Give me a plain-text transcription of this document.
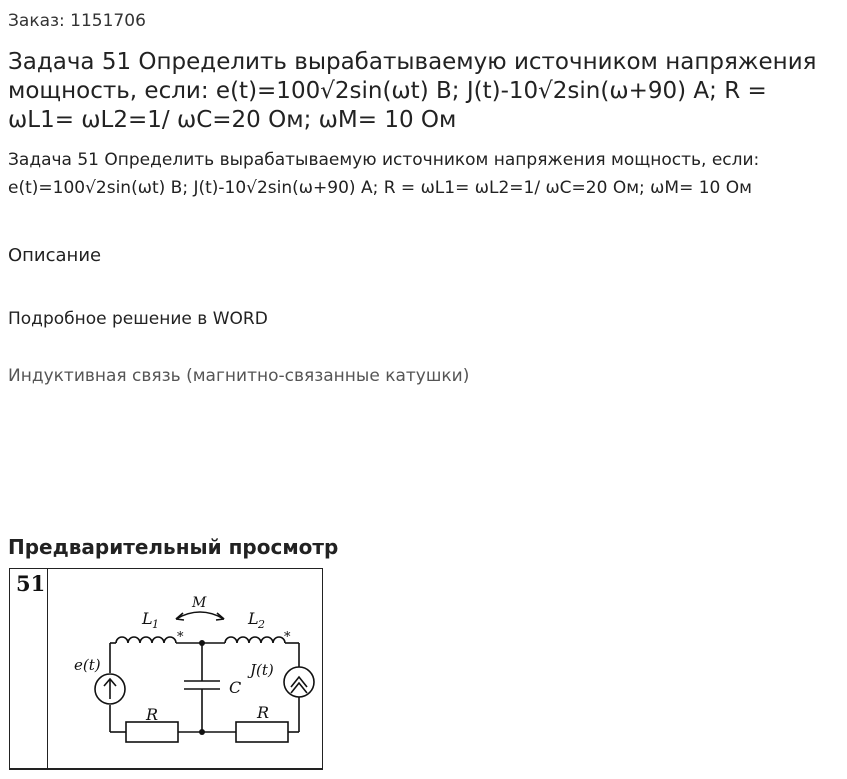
Заказ: 1151706
Задача 51 Определить вырабатываемую источником напряжения мощность, если: e(t)=100√2sin(ωt) В; J(t)-10√2sin(ω+90) А; R = ωL1= ωL2=1/ ωC=20 Ом; ωM= 10 Ом
Задача 51 Определить вырабатываемую источником напряжения мощность, если: e(t)=100√2sin(ωt) В; J(t)-10√2sin(ω+90) А; R = ωL1= ωL2=1/ ωC=20 Ом; ωM= 10 Ом
Описание
Подробное решение в WORD
Индуктивная связь (магнитно-связанные катушки)
Предварительный просмотр
51
L 1
M
L 2
*	*
e(t)	J(t)
C
R	R
